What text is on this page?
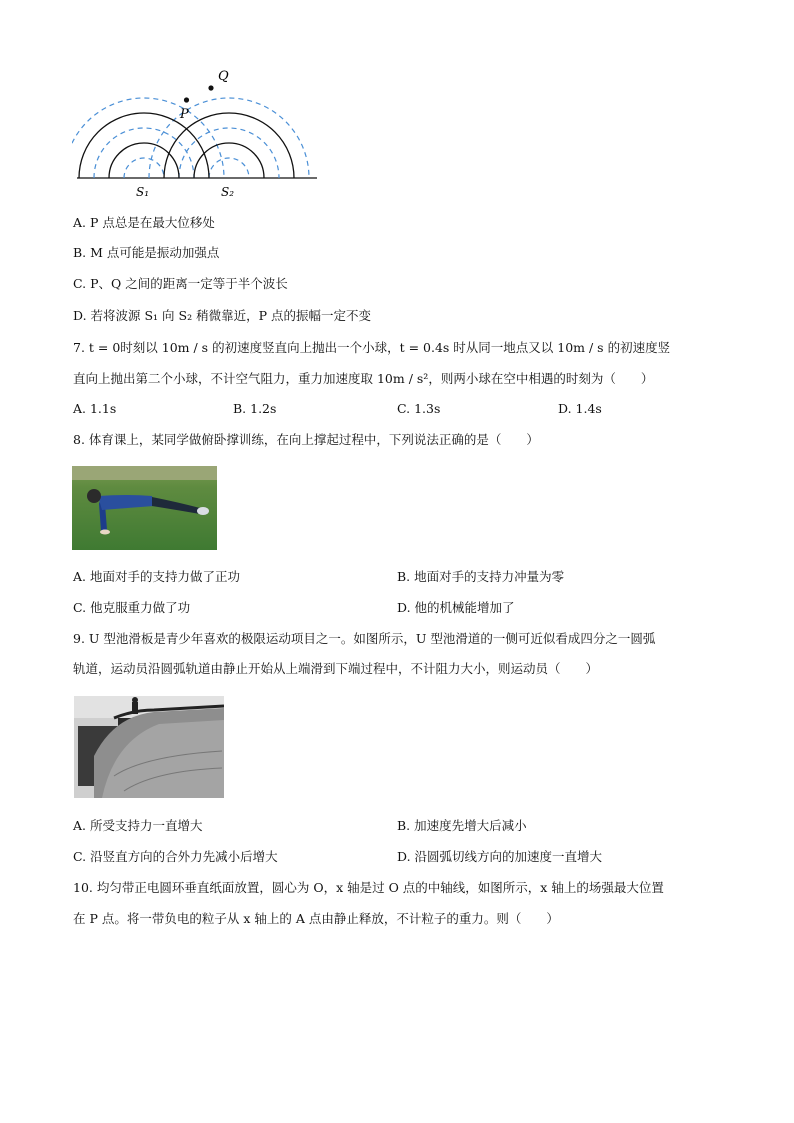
Q
P
S₁	S₂
A. P 点总是在最大位移处
B. M 点可能是振动加强点
C. P、Q 之间的距离一定等于半个波长
D. 若将波源 S₁ 向 S₂ 稍微靠近，P 点的振幅一定不变
7. t = 0时刻以 10m / s 的初速度竖直向上抛出一个小球，t = 0.4s 时从同一地点又以 10m / s 的初速度竖
直向上抛出第二个小球，不计空气阻力，重力加速度取 10m / s²，则两小球在空中相遇的时刻为（　　）
A. 1.1s	B. 1.2s	C. 1.3s	D. 1.4s
8. 体育课上，某同学做俯卧撑训练，在向上撑起过程中，下列说法正确的是（　　）
A. 地面对手的支持力做了正功	B. 地面对手的支持力冲量为零
C. 他克服重力做了功	D. 他的机械能增加了
9. U 型池滑板是青少年喜欢的极限运动项目之一。如图所示，U 型池滑道的一侧可近似看成四分之一圆弧
轨道，运动员沿圆弧轨道由静止开始从上端滑到下端过程中，不计阻力大小，则运动员（　　）
A. 所受支持力一直增大	B. 加速度先增大后减小
C. 沿竖直方向的合外力先减小后增大	D. 沿圆弧切线方向的加速度一直增大
10. 均匀带正电圆环垂直纸面放置，圆心为 O，x 轴是过 O 点的中轴线，如图所示，x 轴上的场强最大位置
在 P 点。将一带负电的粒子从 x 轴上的 A 点由静止释放，不计粒子的重力。则（　　）
